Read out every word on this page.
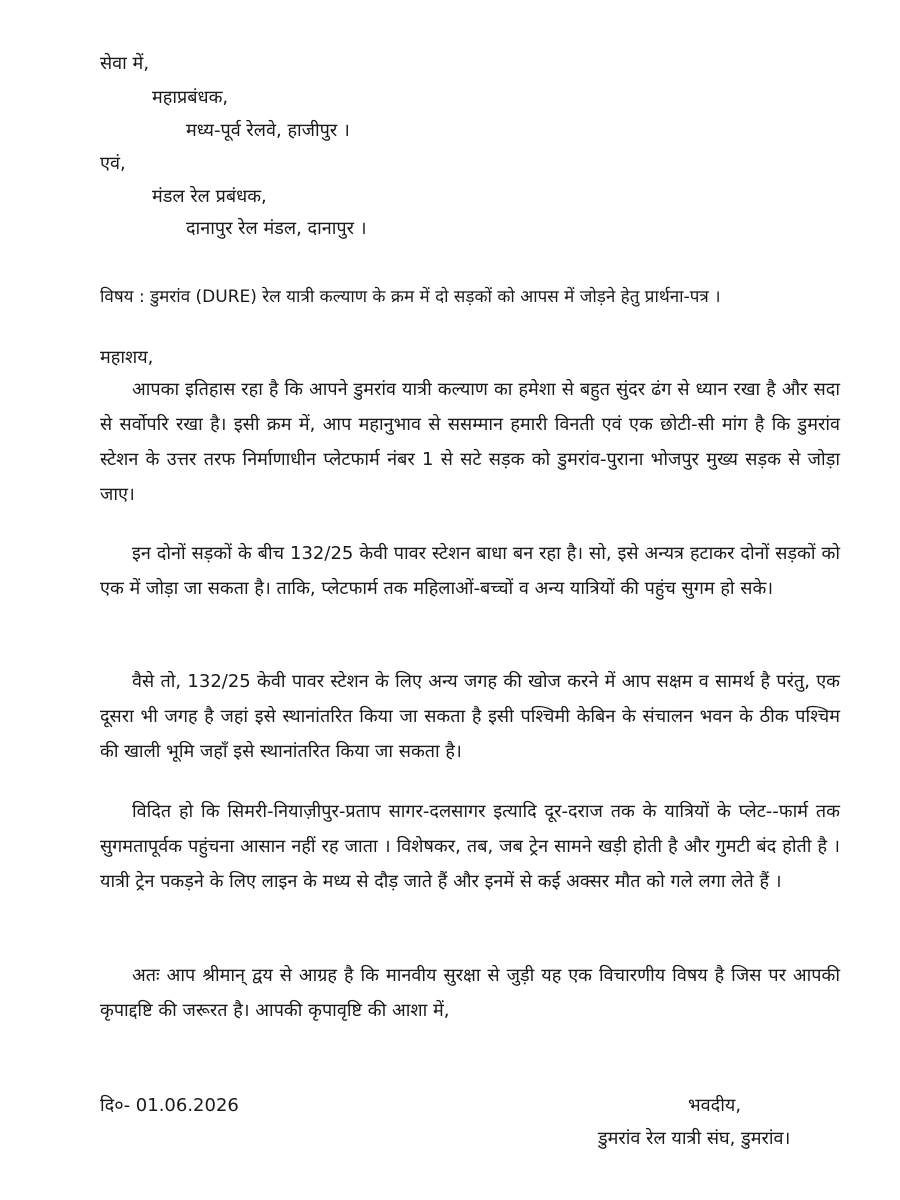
सेवा में,
महाप्रबंधक,
मध्य-पूर्व रेलवे, हाजीपुर ।
एवं,
मंडल रेल प्रबंधक,
दानापुर रेल मंडल, दानापुर ।
विषय : डुमरांव (DURE) रेल यात्री कल्याण के क्रम में दो सड़कों को आपस में जोड़ने हेतु प्रार्थना-पत्र ।
महाशय,
आपका इतिहास रहा है कि आपने डुमरांव यात्री कल्याण का हमेशा से बहुत सुंदर ढंग से ध्यान रखा है और सदा से सर्वोपरि रखा है। इसी क्रम में, आप महानुभाव से ससम्मान हमारी विनती एवं एक छोटी-सी मांग है कि डुमरांव स्टेशन के उत्तर तरफ निर्माणाधीन प्लेटफार्म नंबर 1 से सटे सड़क को डुमरांव-पुराना भोजपुर मुख्य सड़क से जोड़ा जाए।
इन दोनों सड़कों के बीच 132/25 केवी पावर स्टेशन बाधा बन रहा है। सो, इसे अन्यत्र हटाकर दोनों सड़कों को एक में जोड़ा जा सकता है। ताकि, प्लेटफार्म तक महिलाओं-बच्चों व अन्य यात्रियों की पहुंच सुगम हो सके।
वैसे तो, 132/25 केवी पावर स्टेशन के लिए अन्य जगह की खोज करने में आप सक्षम व सामर्थ है परंतु, एक दूसरा भी जगह है जहां इसे स्थानांतरित किया जा सकता है इसी पश्चिमी केबिन के संचालन भवन के ठीक पश्चिम की खाली भूमि जहॉं इसे स्थानांतरित किया जा सकता है।
विदित हो कि सिमरी-नियाज़ीपुर-प्रताप सागर-दलसागर इत्यादि दूर-दराज तक के यात्रियों के प्लेट--फार्म तक सुगमतापूर्वक पहुंचना आसान नहीं रह जाता । विशेषकर, तब, जब ट्रेन सामने खड़ी होती है और गुमटी बंद होती है । यात्री ट्रेन पकड़ने के लिए लाइन के मध्य से दौड़ जाते हैं और इनमें से कई अक्सर मौत को गले लगा लेते हैं ।
अतः आप श्रीमान् द्वय से आग्रह है कि मानवीय सुरक्षा से जुड़ी यह एक विचारणीय विषय है जिस पर आपकी कृपाद्दष्टि की जरूरत है। आपकी कृपावृष्टि की आशा में,
दि०- 01.06.2026	भवदीय,
डुमरांव रेल यात्री संघ, डुमरांव।
